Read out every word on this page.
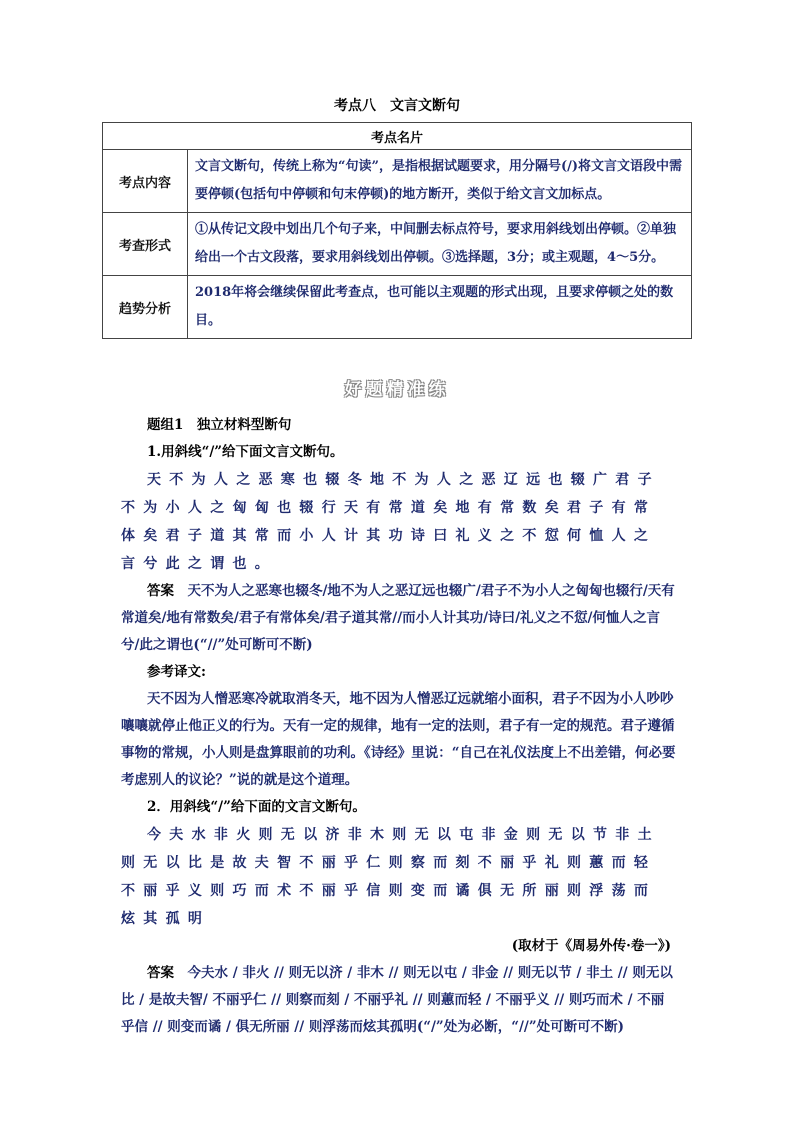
考点八 文言文断句
考点名片	
考点内容	文言文断句，传统上称为“句读”，是指根据试题要求，用分隔号(/)将文言文语段中需要停顿(包括句中停顿和句末停顿)的地方断开，类似于给文言文加标点。
考查形式	①从传记文段中划出几个句子来，中间删去标点符号，要求用斜线划出停顿。②单独给出一个古文段落，要求用斜线划出停顿。③选择题，3分；或主观题，4～5分。
趋势分析	2018年将会继续保留此考查点，也可能以主观题的形式出现，且要求停顿之处的数目。
好题精准练

题组1　独立材料型断句

1.用斜线“/”给下面文言文断句。

天不为人之恶寒也辍冬地不为人之恶辽远也辍广君子不为小人之匈匈也辍行天有常道矣地有常数矣君子有常体矣君子道其常而小人计其功诗曰礼义之不愆何恤人之言兮此之谓也。

答案　 天不为人之恶寒也辍冬/地不为人之恶辽远也辍广/君子不为小人之匈匈也辍行/天有常道矣/地有常数矣/君子有常体矣/君子道其常//而小人计其功/诗曰/礼义之不愆/何恤人之言兮/此之谓也(“//”处可断可不断)

参考译文:

天不因为人憎恶寒冷就取消冬天，地不因为人憎恶辽远就缩小面积，君子不因为小人吵吵嚷嚷就停止他正义的行为。天有一定的规律，地有一定的法则，君子有一定的规范。君子遵循事物的常规，小人则是盘算眼前的功利。《诗经》里说：“自己在礼仪法度上不出差错，何必要考虑别人的议论？”说的就是这个道理。

2．用斜线“/”给下面的文言文断句。

今夫水非火则无以济非木则无以屯非金则无以节非土则无以比是故夫智不丽乎仁则察而刻不丽乎礼则蕙而轻不丽乎义则巧而术不丽乎信则变而谲俱无所丽则浮荡而炫其孤明

(取材于《周易外传·卷一》)

答案　 今夫水 / 非火 // 则无以济 / 非木 // 则无以屯 / 非金 // 则无以节 / 非土 // 则无以比 / 是故夫智/ 不丽乎仁 // 则察而刻 / 不丽乎礼 // 则蕙而轻 / 不丽乎义 // 则巧而术 / 不丽乎信 // 则变而谲 / 俱无所丽 // 则浮荡而炫其孤明(“/”处为必断，“//”处可断可不断)
